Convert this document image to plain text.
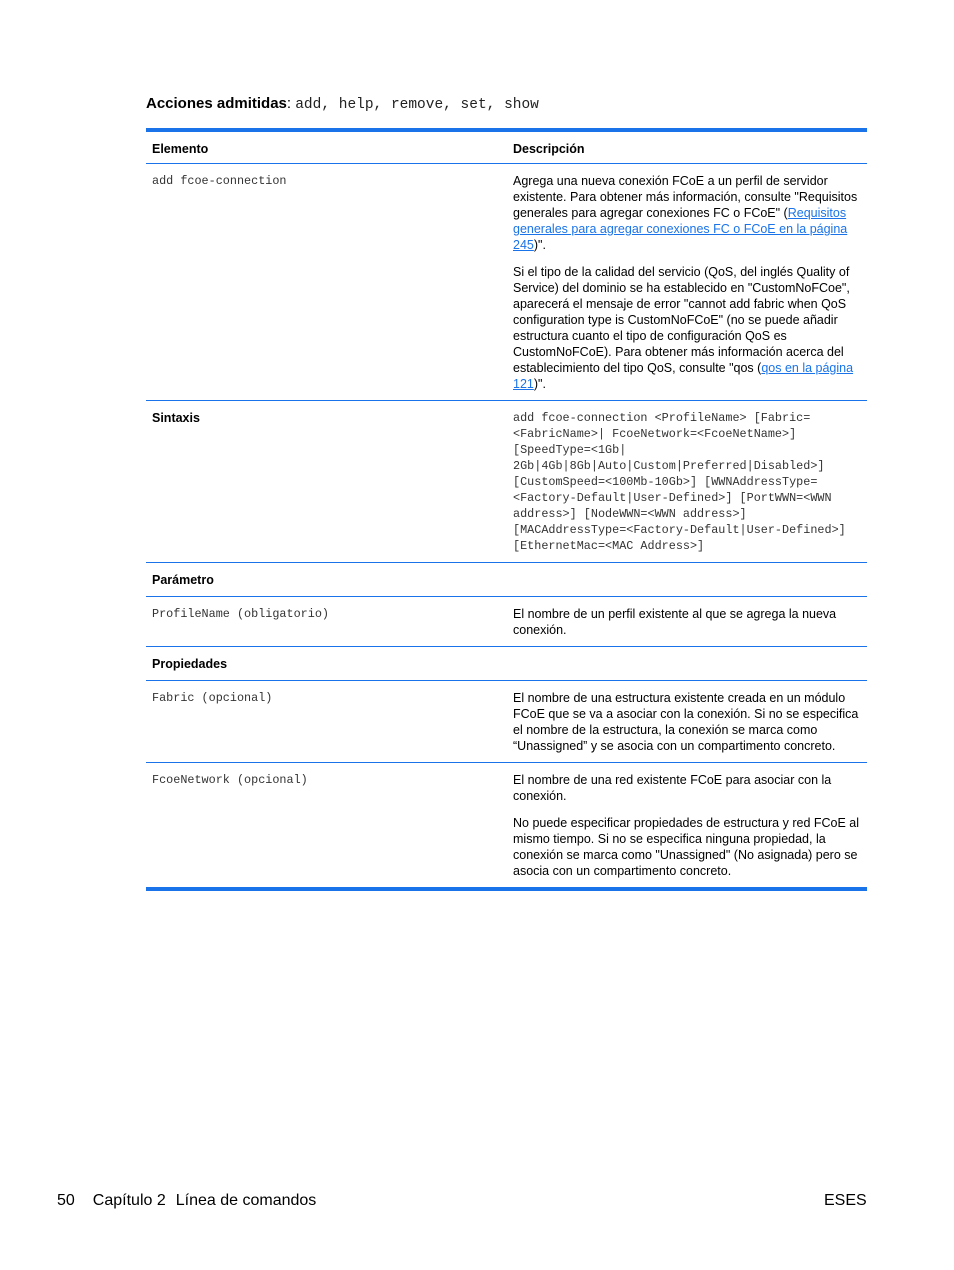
Acciones admitidas: add, help, remove, set, show
Elemento	Descripción
add fcoe-connection	Agrega una nueva conexión FCoE a un perfil de servidor existente. Para obtener más información, consulte "Requisitos generales para agregar conexiones FC o FCoE" (Requisitos generales para agregar conexiones FC o FCoE en la página 245)".

Si el tipo de la calidad del servicio (QoS, del inglés Quality of Service) del dominio se ha establecido en "CustomNoFCoe", aparecerá el mensaje de error "cannot add fabric when QoS configuration type is CustomNoFCoE" (no se puede añadir estructura cuanto el tipo de configuración QoS es CustomNoFCoE). Para obtener más información acerca del establecimiento del tipo QoS, consulte "qos (qos en la página 121)".

Sintaxis	add fcoe-connection <ProfileName> [Fabric=<FabricName>| FcoeNetwork=<FcoeNetName>] [SpeedType=<1Gb| 2Gb|4Gb|8Gb|Auto|Custom|Preferred|Disabled>] [CustomSpeed=<100Mb-10Gb>] [WWNAddressType=<Factory-Default|User-Defined>] [PortWWN=<WWN address>] [NodeWWN=<WWN address>] [MACAddressType=<Factory-Default|User-Defined>] [EthernetMac=<MAC Address>]
Parámetro
ProfileName (obligatorio)	El nombre de un perfil existente al que se agrega la nueva conexión.

Propiedades
Fabric (opcional)	El nombre de una estructura existente creada en un módulo FCoE que se va a asociar con la conexión. Si no se especifica el nombre de la estructura, la conexión se marca como “Unassigned” y se asocia con un compartimento concreto.

FcoeNetwork (opcional)	El nombre de una red existente FCoE para asociar con la conexión.

No puede especificar propiedades de estructura y red FCoE al mismo tiempo. Si no se especifica ninguna propiedad, la conexión se marca como "Unassigned" (No asignada) pero se asocia con un compartimento concreto.

50 Capítulo 2 Línea de comandos	ESES
